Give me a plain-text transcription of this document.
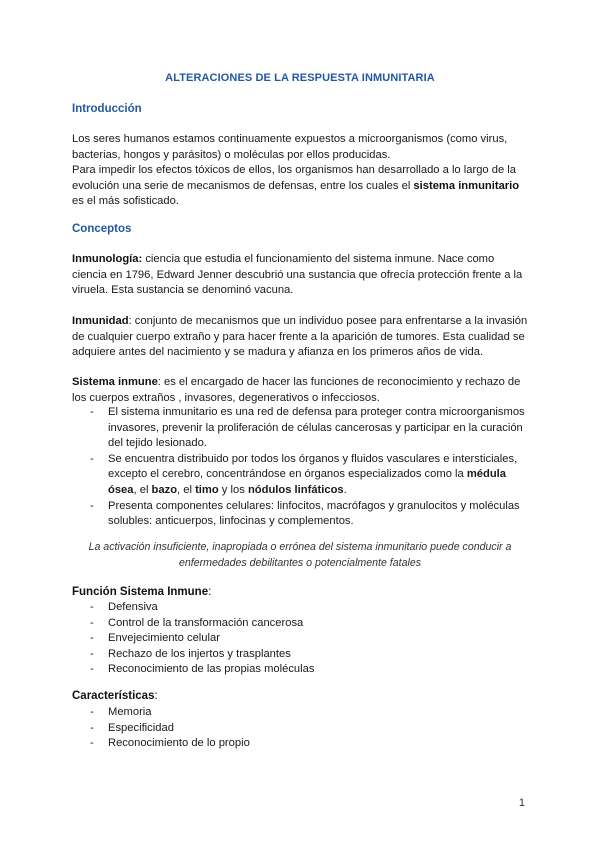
ALTERACIONES DE LA RESPUESTA INMUNITARIA
Introducción

Los seres humanos estamos continuamente expuestos a microorganismos (como virus, bacterias, hongos y parásitos) o moléculas por ellos producidas.

Para impedir los efectos tóxicos de ellos, los organismos han desarrollado a lo largo de la evolución una serie de mecanismos de defensas, entre los cuales el sistema inmunitario es el más sofisticado.

Conceptos

Inmunología: ciencia que estudia el funcionamiento del sistema inmune. Nace como ciencia en 1796, Edward Jenner descubrió una sustancia que ofrecía protección frente a la viruela. Esta sustancia se denominó vacuna.

Inmunidad: conjunto de mecanismos que un individuo posee para enfrentarse a la invasión de cualquier cuerpo extraño y para hacer frente a la aparición de tumores. Esta cualidad se adquiere antes del nacimiento y se madura y afianza en los primeros años de vida.

Sistema inmune: es el encargado de hacer las funciones de reconocimiento y rechazo de los cuerpos extraños , invasores, degenerativos o infecciosos.

- El sistema inmunitario es una red de defensa para proteger contra microorganismos invasores, prevenir la proliferación de células cancerosas y participar en la curación del tejido lesionado.
- Se encuentra distribuido por todos los órganos y fluidos vasculares e intersticiales, excepto el cerebro, concentrándose en órganos especializados como la médula ósea, el bazo, el timo y los nódulos linfáticos.
- Presenta componentes celulares: linfocitos, macrófagos y granulocitos y moléculas solubles: anticuerpos, linfocinas y complementos.

La activación insuficiente, inapropiada o errónea del sistema inmunitario puede conducir a enfermedades debilitantes o potencialmente fatales

Función Sistema Inmune:
- Defensiva
- Control de la transformación cancerosa
- Envejecimiento celular
- Rechazo de los injertos y trasplantes
- Reconocimiento de las propias moléculas
Características:
- Memoria
- Especificidad
- Reconocimiento de lo propio
1
